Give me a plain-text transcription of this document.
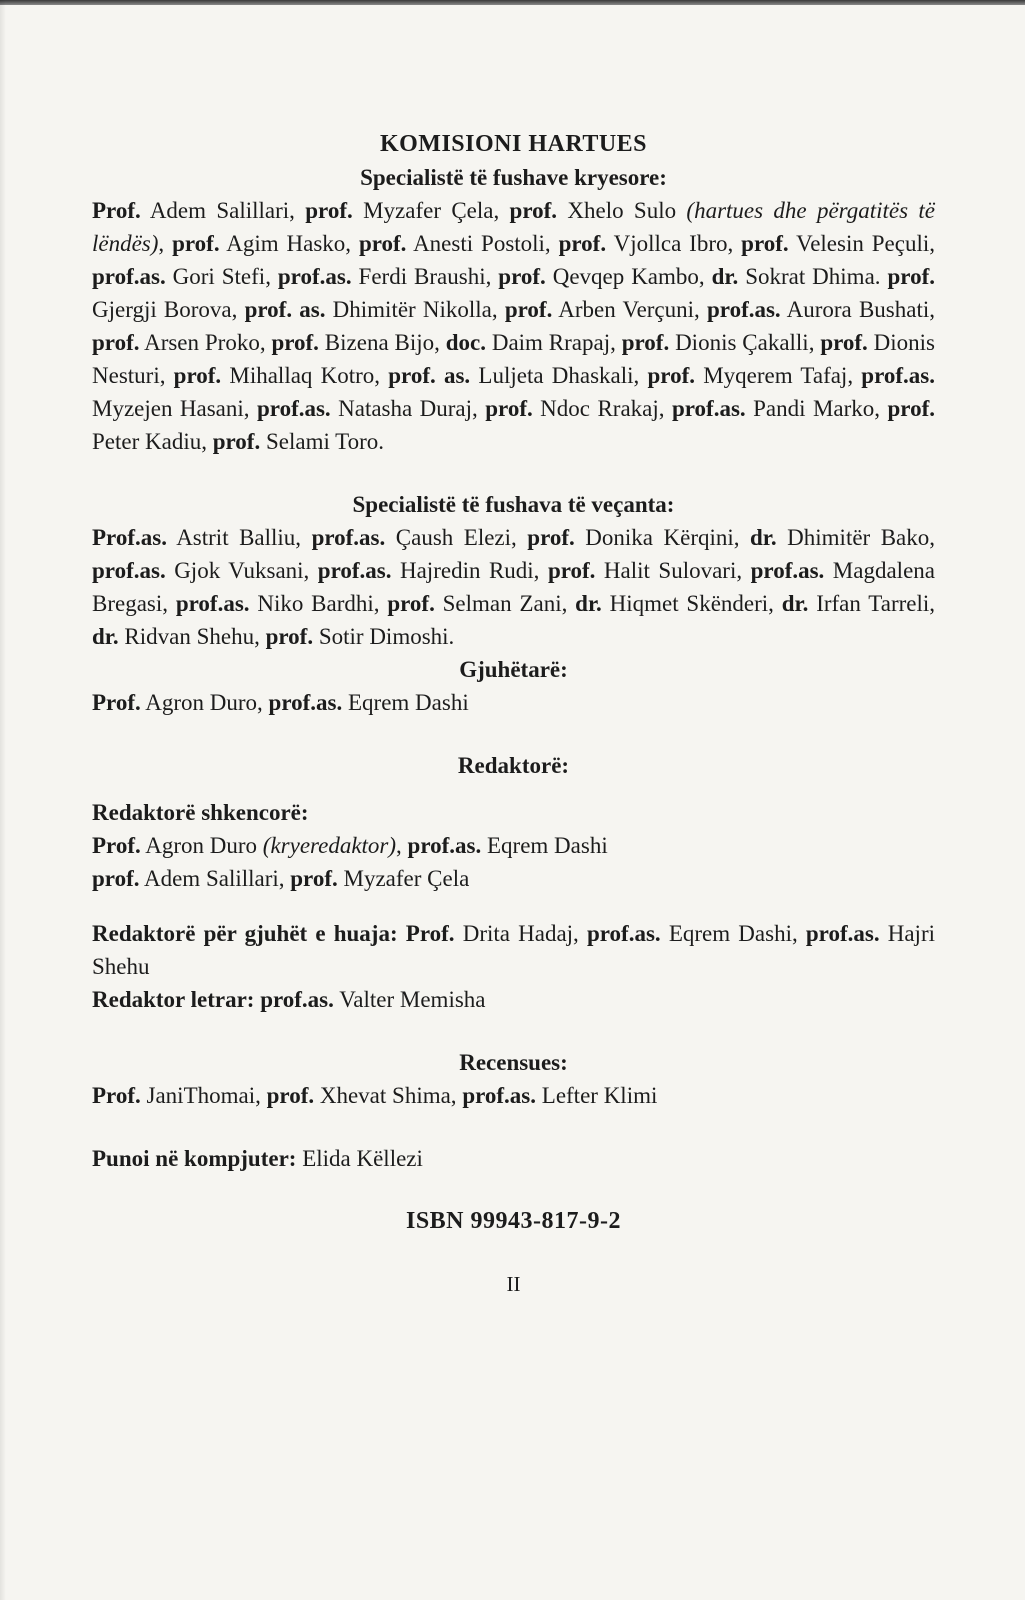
KOMISIONI HARTUES
Specialistë të fushave kryesore:
Prof. Adem Salillari, prof. Myzafer Çela, prof. Xhelo Sulo (hartues dhe përgatitës të lëndës), prof. Agim Hasko, prof. Anesti Postoli, prof. Vjollca Ibro, prof. Velesin Peçuli, prof.as. Gori Stefi, prof.as. Ferdi Braushi, prof. Qevqep Kambo, dr. Sokrat Dhima. prof. Gjergji Borova, prof. as. Dhimitër Nikolla, prof. Arben Verçuni, prof.as. Aurora Bushati, prof. Arsen Proko, prof. Bizena Bijo, doc. Daim Rrapaj, prof. Dionis Çakalli, prof. Dionis Nesturi, prof. Mihallaq Kotro, prof. as. Luljeta Dhaskali, prof. Myqerem Tafaj, prof.as. Myzejen Hasani, prof.as. Natasha Duraj, prof. Ndoc Rrakaj, prof.as. Pandi Marko, prof. Peter Kadiu, prof. Selami Toro.
Specialistë të fushava të veçanta:
Prof.as. Astrit Balliu, prof.as. Çaush Elezi, prof. Donika Kërqini, dr. Dhimitër Bako, prof.as. Gjok Vuksani, prof.as. Hajredin Rudi, prof. Halit Sulovari, prof.as. Magdalena Bregasi, prof.as. Niko Bardhi, prof. Selman Zani, dr. Hiqmet Skënderi, dr. Irfan Tarreli, dr. Ridvan Shehu, prof. Sotir Dimoshi.
Gjuhëtarë:
Prof. Agron Duro, prof.as. Eqrem Dashi
Redaktorë:
Redaktorë shkencorë:
Prof. Agron Duro (kryeredaktor), prof.as. Eqrem Dashi
prof. Adem Salillari, prof. Myzafer Çela
Redaktorë për gjuhët e huaja: Prof. Drita Hadaj, prof.as. Eqrem Dashi, prof.as. Hajri Shehu
Redaktor letrar: prof.as. Valter Memisha
Recensues:
Prof. JaniThomai, prof. Xhevat Shima, prof.as. Lefter Klimi
Punoi në kompjuter: Elida Këllezi
ISBN 99943-817-9-2
II
